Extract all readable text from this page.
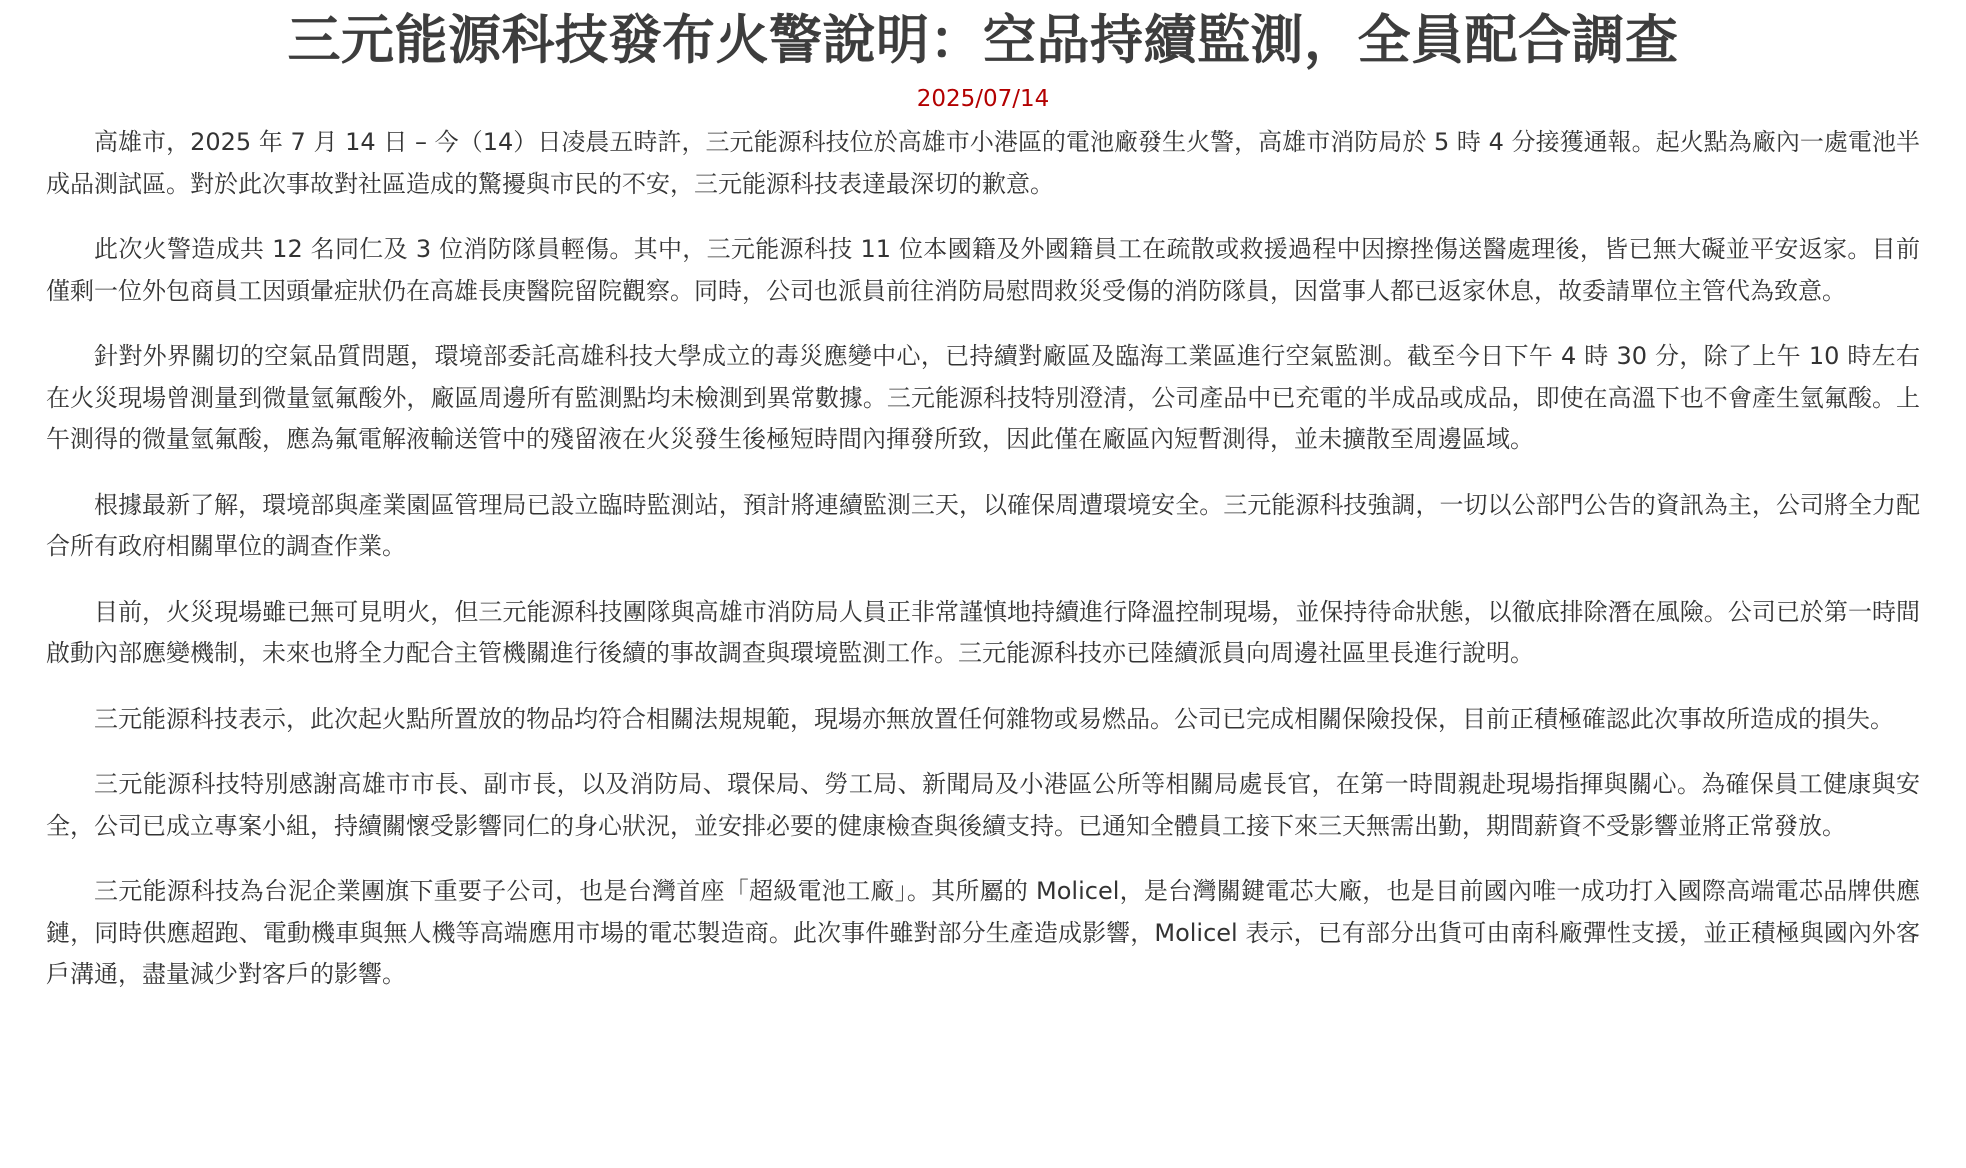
三元能源科技發布火警說明：空品持續監測，全員配合調查
2025/07/14

高雄市，2025 年 7 月 14 日 – 今（14）日凌晨五時許，三元能源科技位於高雄市小港區的電池廠發生火警，高雄市消防局於 5 時 4 分接獲通報。起火點為廠內一處電池半成品測試區。對於此次事故對社區造成的驚擾與市民的不安，三元能源科技表達最深切的歉意。

此次火警造成共 12 名同仁及 3 位消防隊員輕傷。其中，三元能源科技 11 位本國籍及外國籍員工在疏散或救援過程中因擦挫傷送醫處理後，皆已無大礙並平安返家。目前僅剩一位外包商員工因頭暈症狀仍在高雄長庚醫院留院觀察。同時，公司也派員前往消防局慰問救災受傷的消防隊員，因當事人都已返家休息，故委請單位主管代為致意。

針對外界關切的空氣品質問題，環境部委託高雄科技大學成立的毒災應變中心，已持續對廠區及臨海工業區進行空氣監測。截至今日下午 4 時 30 分，除了上午 10 時左右在火災現場曾測量到微量氫氟酸外，廠區周邊所有監測點均未檢測到異常數據。三元能源科技特別澄清，公司產品中已充電的半成品或成品，即使在高溫下也不會產生氫氟酸。上午測得的微量氫氟酸，應為氟電解液輸送管中的殘留液在火災發生後極短時間內揮發所致，因此僅在廠區內短暫測得，並未擴散至周邊區域。

根據最新了解，環境部與產業園區管理局已設立臨時監測站，預計將連續監測三天，以確保周遭環境安全。三元能源科技強調，一切以公部門公告的資訊為主，公司將全力配合所有政府相關單位的調查作業。

目前，火災現場雖已無可見明火，但三元能源科技團隊與高雄市消防局人員正非常謹慎地持續進行降溫控制現場，並保持待命狀態，以徹底排除潛在風險。公司已於第一時間啟動內部應變機制，未來也將全力配合主管機關進行後續的事故調查與環境監測工作。三元能源科技亦已陸續派員向周邊社區里長進行說明。

三元能源科技表示，此次起火點所置放的物品均符合相關法規規範，現場亦無放置任何雜物或易燃品。公司已完成相關保險投保，目前正積極確認此次事故所造成的損失。

三元能源科技特別感謝高雄市市長、副市長，以及消防局、環保局、勞工局、新聞局及小港區公所等相關局處長官，在第一時間親赴現場指揮與關心。為確保員工健康與安全，公司已成立專案小組，持續關懷受影響同仁的身心狀況，並安排必要的健康檢查與後續支持。已通知全體員工接下來三天無需出勤，期間薪資不受影響並將正常發放。

三元能源科技為台泥企業團旗下重要子公司，也是台灣首座「超級電池工廠」。其所屬的 Molicel，是台灣關鍵電芯大廠，也是目前國內唯一成功打入國際高端電芯品牌供應鏈，同時供應超跑、電動機車與無人機等高端應用市場的電芯製造商。此次事件雖對部分生產造成影響，Molicel 表示，已有部分出貨可由南科廠彈性支援，並正積極與國內外客戶溝通，盡量減少對客戶的影響。
